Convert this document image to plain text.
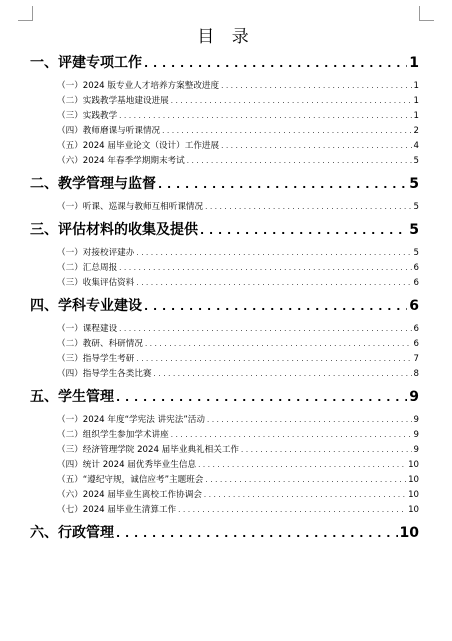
目 录
一、评建专项工作 . . .	1
（一）2024 版专业人才培养方案整改进度 . . .	1
（二）实践教学基地建设进展 . . .	1
（三）实践教学 . . .	1
（四）教师磨课与听课情况 . . .	2
（五）2024 届毕业论文（设计）工作进展 . . .	4
（六）2024 年春季学期期末考试 . . .	5
二、教学管理与监督 . . .	5
（一）听课、巡课与教师互相听课情况 . . .	5
三、评估材料的收集及提供 . . .	5
（一）对接校评建办 . . .	5
（二）汇总周报 . . .	6
（三）收集评估资料 . . .	6
四、学科专业建设 . . .	6
（一）课程建设 . . .	6
（二）教研、科研情况 . . .	6
（三）指导学生考研 . . .	7
（四）指导学生各类比赛 . . .	8
五、学生管理 . . .	9
（一）2024 年度“学宪法 讲宪法”活动 . . .	9
（二）组织学生参加学术讲座 . . .	9
（三）经济管理学院 2024 届毕业典礼相关工作 . . .	9
（四）统计 2024 届优秀毕业生信息 . . .	10
（五）“遵纪守规，诚信应考”主题班会 . . .	10
（六）2024 届毕业生离校工作协调会 . . .	10
（七）2024 届毕业生清算工作 . . .	10
六、行政管理 . . .	10
